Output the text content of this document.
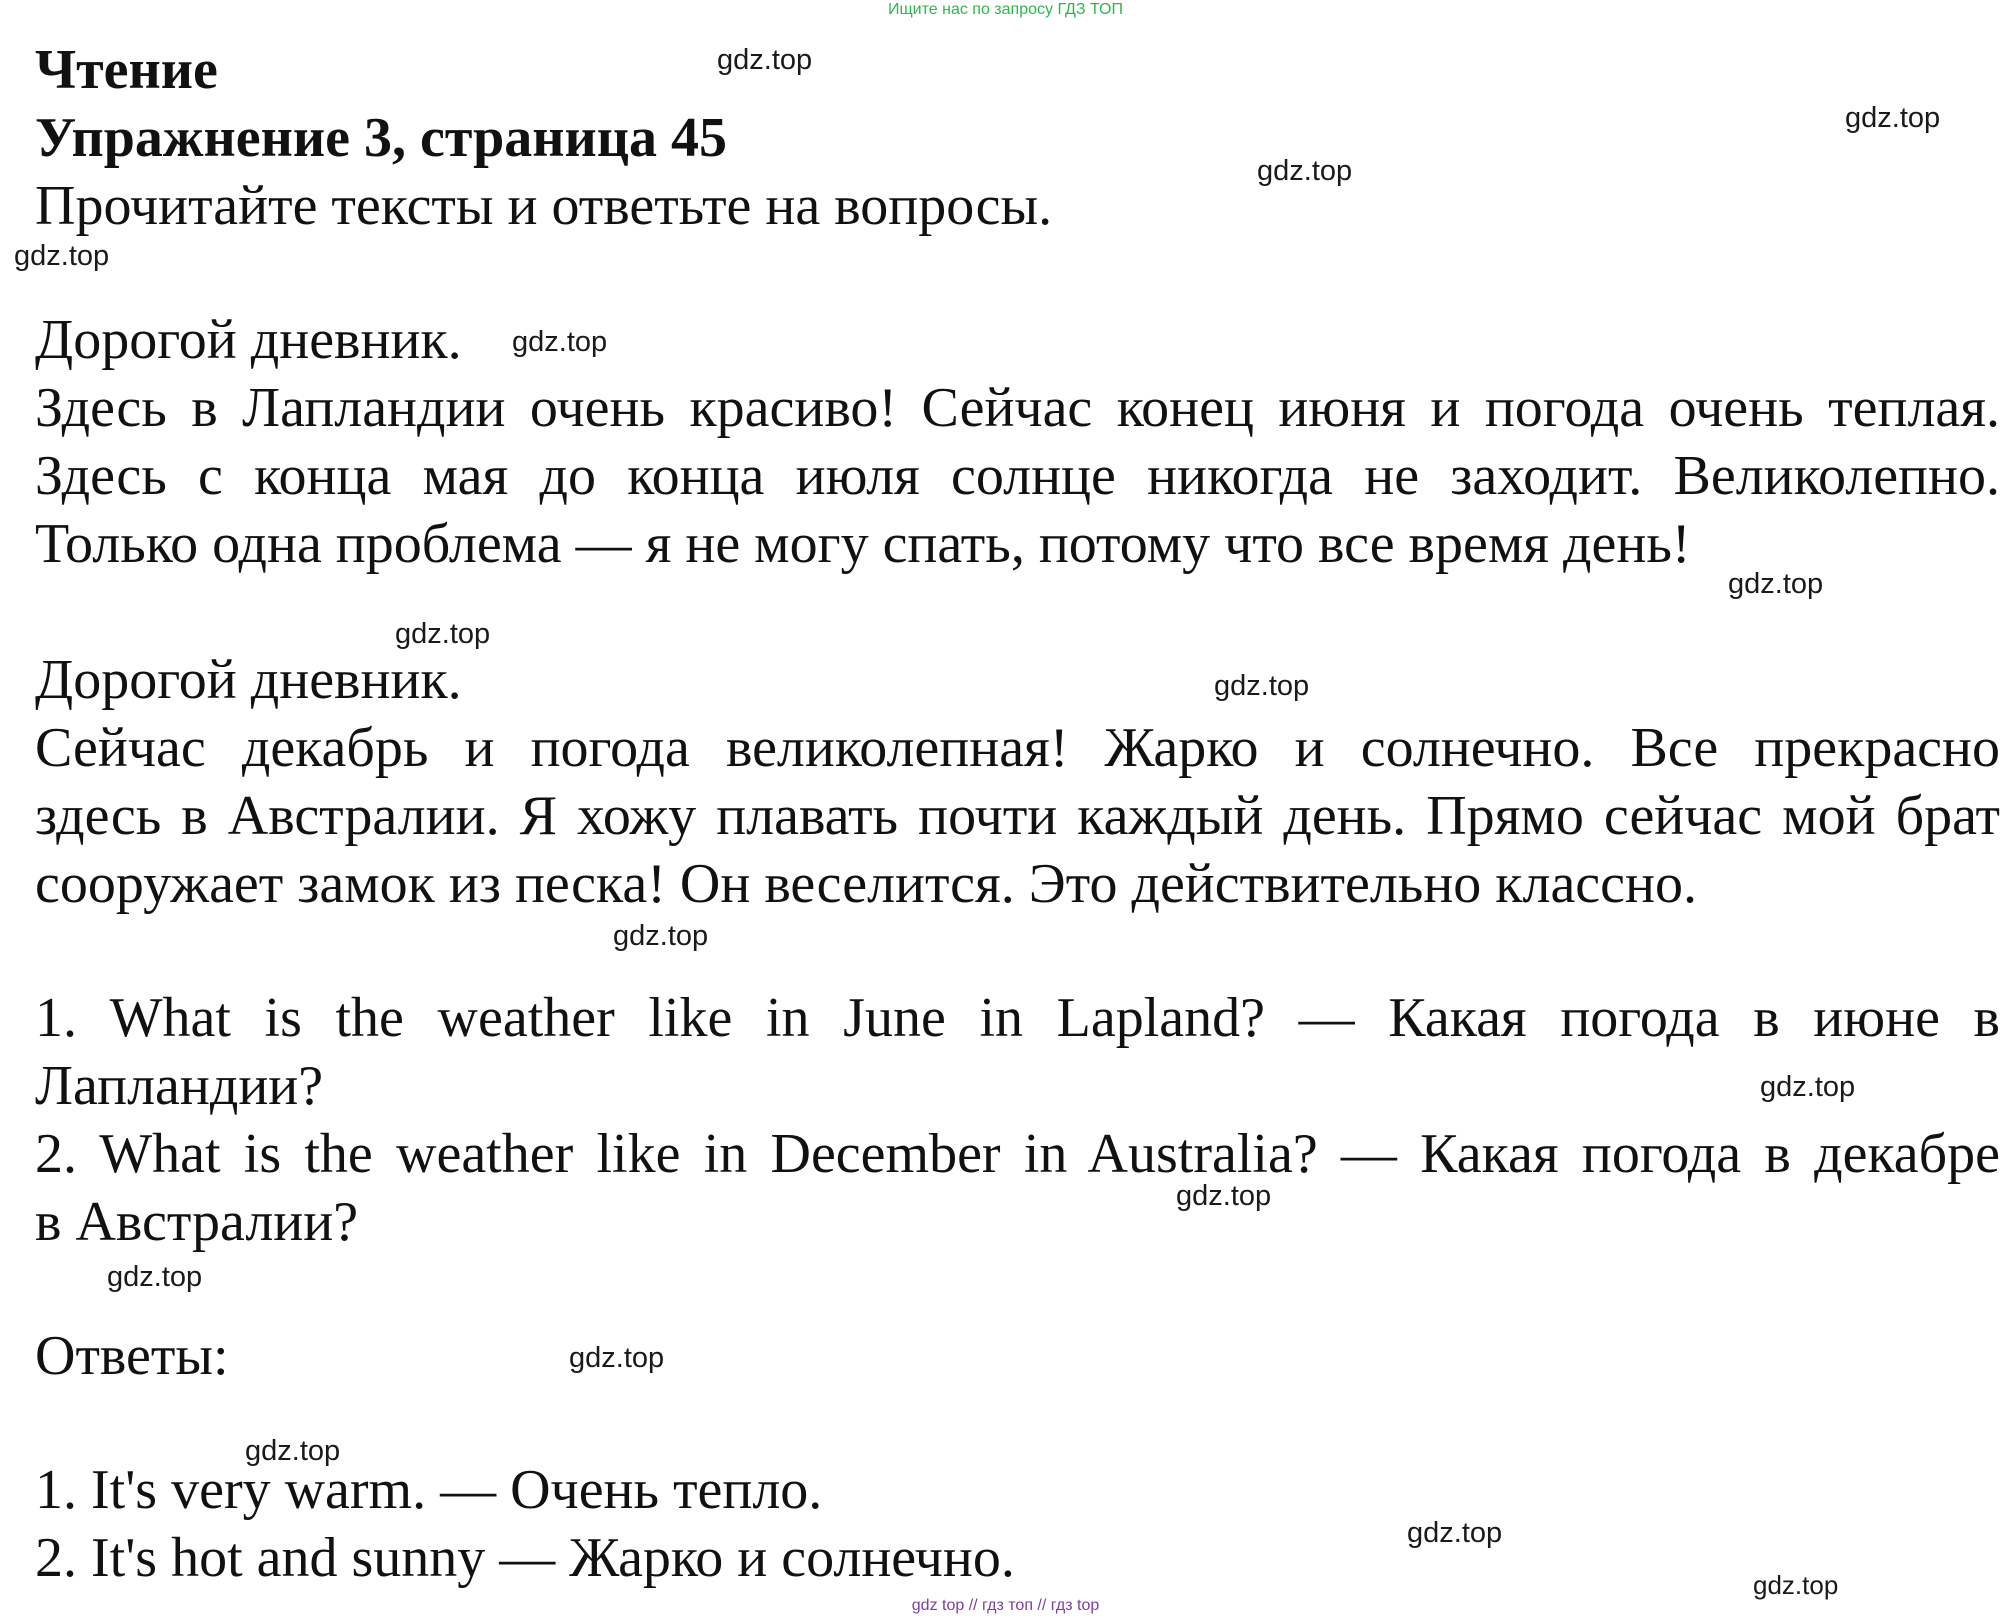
Ищите нас по запросу ГДЗ ТОП
Чтение
Упражнение 3, страница 45
Прочитайте тексты и ответьте на вопросы.
Дорогой дневник.
Здесь в Лапландии очень красиво! Сейчас конец июня и погода очень теплая.
Здесь с конца мая до конца июля солнце никогда не заходит. Великолепно.
Только одна проблема — я не могу спать, потому что все время день!
Дорогой дневник.
Сейчас декабрь и погода великолепная! Жарко и солнечно. Все прекрасно
здесь в Австралии. Я хожу плавать почти каждый день. Прямо сейчас мой брат
сооружает замок из песка! Он веселится. Это действительно классно.
1. What is the weather like in June in Lapland? — Какая погода в июне в
Лапландии?
2. What is the weather like in December in Australia? — Какая погода в декабре
в Австралии?
Ответы:
1. It's very warm. — Очень тепло.
2. It's hot and sunny — Жарко и солнечно.
gdz.top
gdz.top
gdz.top
gdz.top
gdz.top
gdz.top
gdz.top
gdz.top
gdz.top
gdz.top
gdz.top
gdz.top
gdz.top
gdz.top
gdz.top
gdz.top
gdz top // гдз топ // гдз top
